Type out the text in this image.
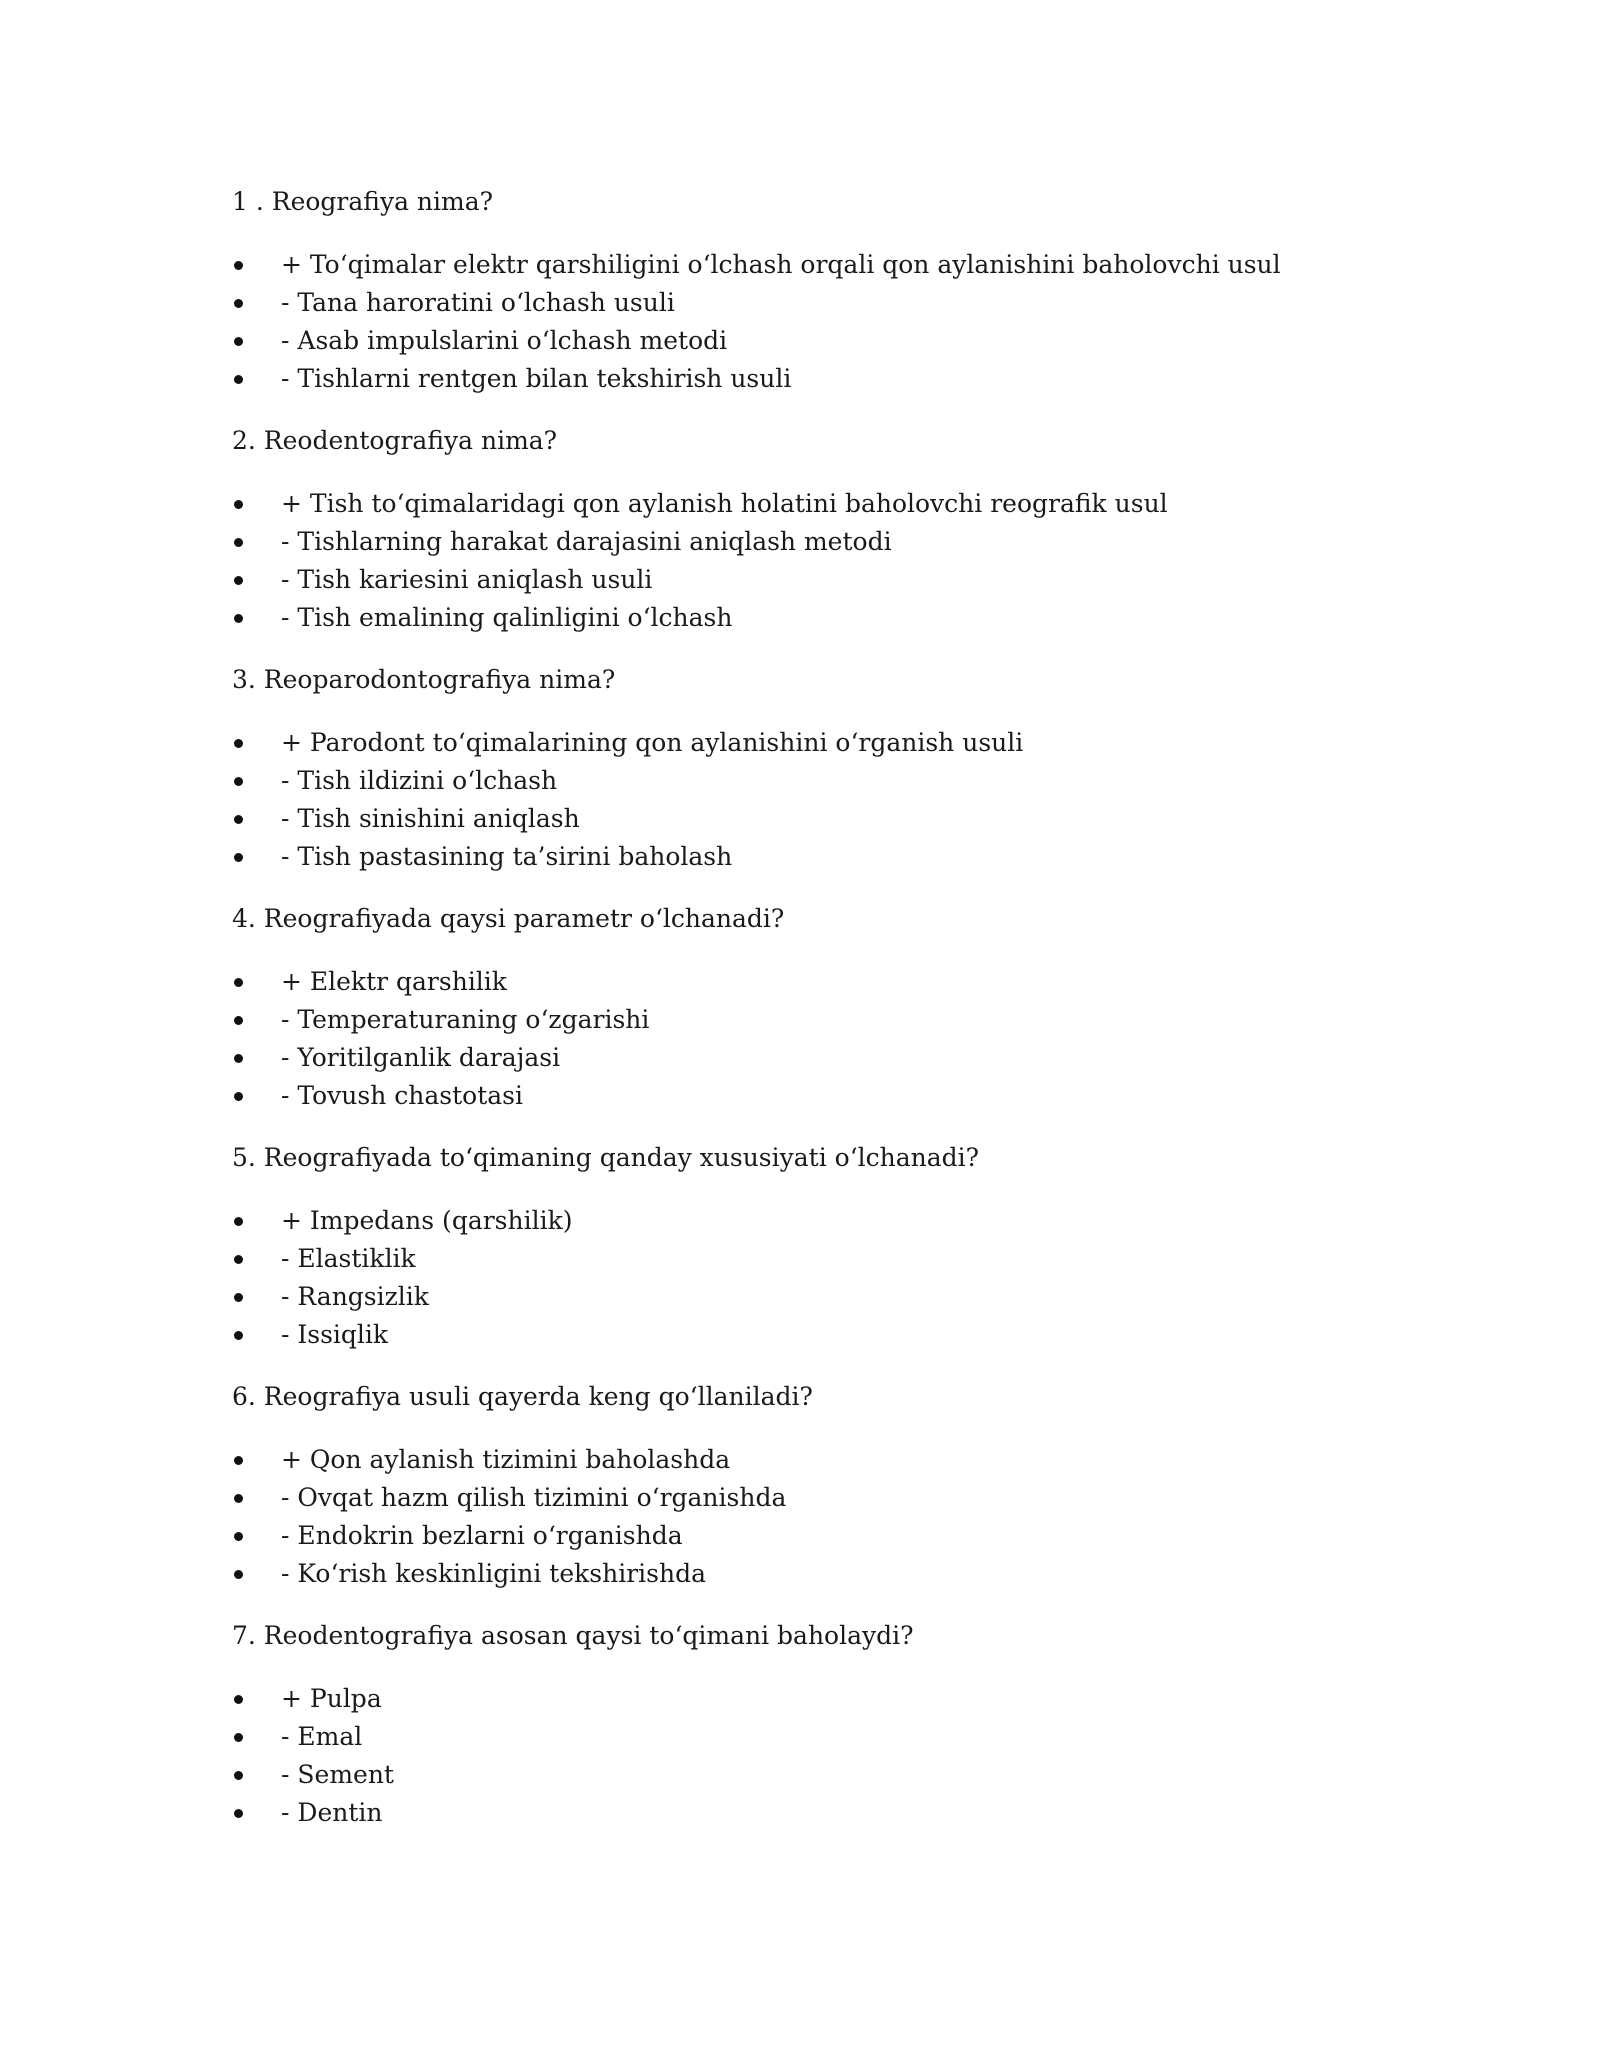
1 . Reografiya nima?

+ To‘qimalar elektr qarshiligini o‘lchash orqali qon aylanishini baholovchi usul
- Tana haroratini o‘lchash usuli
- Asab impulslarini o‘lchash metodi
- Tishlarni rentgen bilan tekshirish usuli

2. Reodentografiya nima?

+ Tish to‘qimalaridagi qon aylanish holatini baholovchi reografik usul
- Tishlarning harakat darajasini aniqlash metodi
- Tish kariesini aniqlash usuli
- Tish emalining qalinligini o‘lchash

3. Reoparodontografiya nima?

+ Parodont to‘qimalarining qon aylanishini o‘rganish usuli
- Tish ildizini o‘lchash
- Tish sinishini aniqlash
- Tish pastasining ta’sirini baholash

4. Reografiyada qaysi parametr o‘lchanadi?

+ Elektr qarshilik
- Temperaturaning o‘zgarishi
- Yoritilganlik darajasi
- Tovush chastotasi

5. Reografiyada to‘qimaning qanday xususiyati o‘lchanadi?

+ Impedans (qarshilik)
- Elastiklik
- Rangsizlik
- Issiqlik

6. Reografiya usuli qayerda keng qo‘llaniladi?

+ Qon aylanish tizimini baholashda
- Ovqat hazm qilish tizimini o‘rganishda
- Endokrin bezlarni o‘rganishda
- Ko‘rish keskinligini tekshirishda

7. Reodentografiya asosan qaysi to‘qimani baholaydi?

+ Pulpa
- Emal
- Sement
- Dentin
